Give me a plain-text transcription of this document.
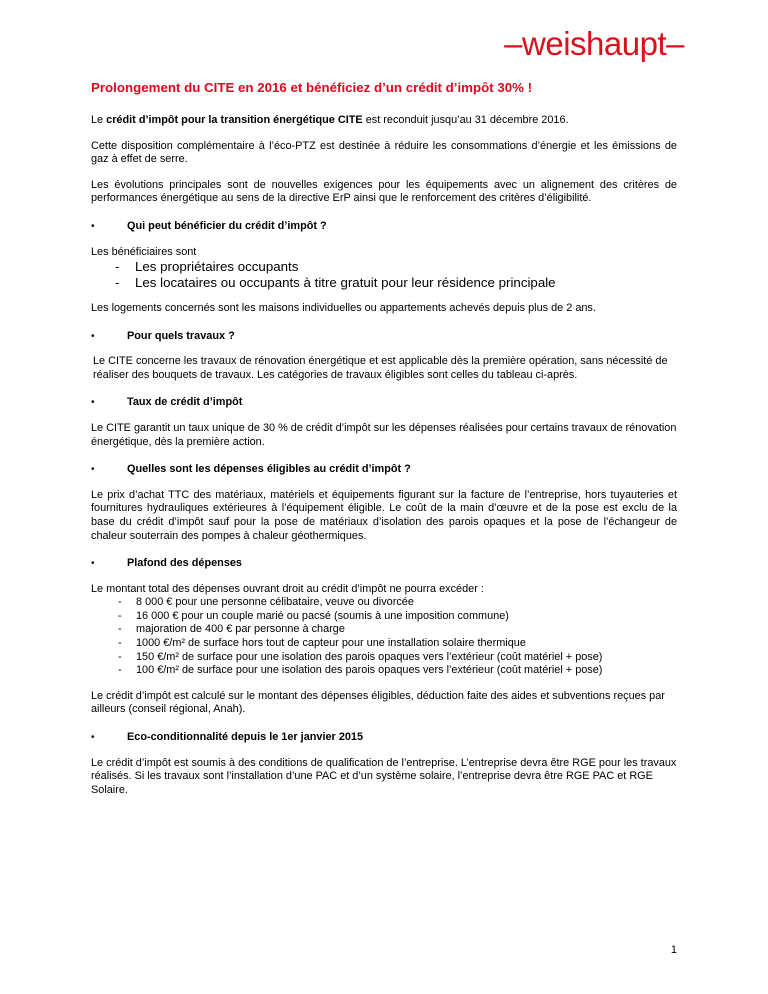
–weishaupt–
Prolongement du CITE en 2016 et bénéficiez d’un crédit d’impôt 30% !

Le crédit d’impôt pour la transition énergétique CITE est reconduit jusqu’au 31 décembre 2016.

Cette disposition complémentaire à l’éco-PTZ est destinée à réduire les consommations d’énergie et les émissions de gaz à effet de serre.

Les évolutions principales sont de nouvelles exigences pour les équipements avec un alignement des critères de performances énergétique au sens de la directive ErP ainsi que le renforcement des critères d’éligibilité.

•	Qui peut bénéficier du crédit d’impôt ?

Les bénéficiaires sont

- Les propriétaires occupants
- Les locataires ou occupants à titre gratuit pour leur résidence principale

Les logements concernés sont les maisons individuelles ou appartements achevés depuis plus de 2 ans.

•	Pour quels travaux ?

Le CITE concerne les travaux de rénovation énergétique et est applicable dès la première opération, sans nécessité de réaliser des bouquets de travaux. Les catégories de travaux éligibles sont celles du tableau ci-après.

•	Taux de crédit d’impôt

Le CITE garantit un taux unique de 30 % de crédit d’impôt sur les dépenses réalisées pour certains travaux de rénovation énergétique, dès la première action.

•	Quelles sont les dépenses éligibles au crédit d’impôt ?

Le prix d’achat TTC des matériaux, matériels et équipements figurant sur la facture de l’entreprise, hors tuyauteries et fournitures hydrauliques extérieures à l’équipement éligible. Le coût de la main d’œuvre et de la pose est exclu de la base du crédit d’impôt sauf pour la pose de matériaux d’isolation des parois opaques et la pose de l’échangeur de chaleur souterrain des pompes à chaleur géothermiques.

•	Plafond des dépenses

Le montant total des dépenses ouvrant droit au crédit d’impôt ne pourra excéder :

- 8 000 € pour une personne célibataire, veuve ou divorcée
- 16 000 € pour un couple marié ou pacsé (soumis à une imposition commune)
- majoration de 400 € par personne à charge
- 1000 €/m² de surface hors tout de capteur pour une installation solaire thermique
- 150 €/m² de surface pour une isolation des parois opaques vers l’extérieur (coût matériel + pose)
- 100 €/m² de surface pour une isolation des parois opaques vers l’extérieur (coût matériel + pose)

Le crédit d’impôt est calculé sur le montant des dépenses éligibles, déduction faite des aides et subventions reçues par ailleurs (conseil régional, Anah).

•	Eco-conditionnalité depuis le 1er janvier 2015

Le crédit d’impôt est soumis à des conditions de qualification de l’entreprise. L’entreprise devra être RGE pour les travaux réalisés. Si les travaux sont l’installation d’une PAC et d’un système solaire, l’entreprise devra être RGE PAC et RGE Solaire.

1
